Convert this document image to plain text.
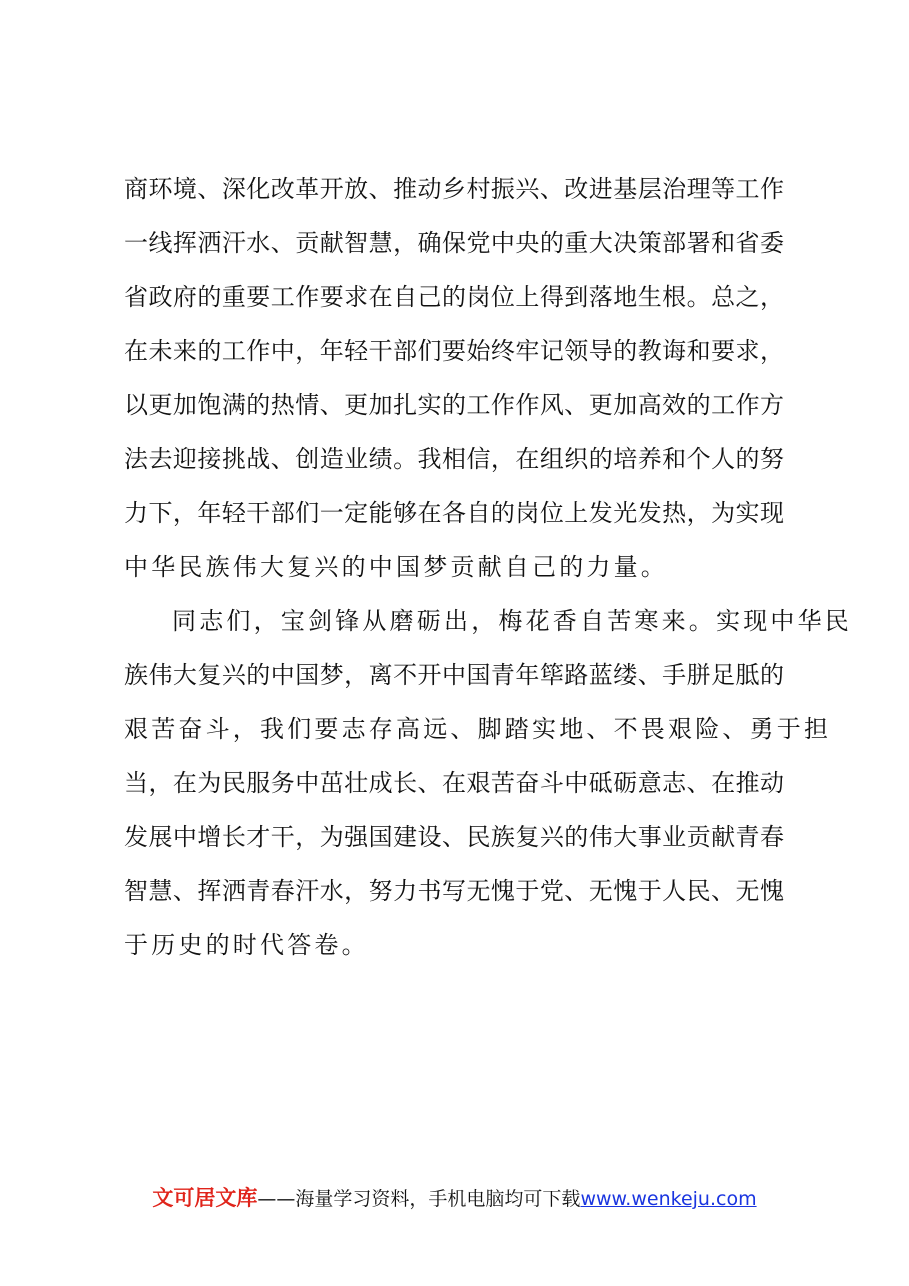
商环境、深化改革开放、推动乡村振兴、改进基层治理等工作
一线挥洒汗水、贡献智慧，确保党中央的重大决策部署和省委
省政府的重要工作要求在自己的岗位上得到落地生根。总之，
在未来的工作中，年轻干部们要始终牢记领导的教诲和要求，
以更加饱满的热情、更加扎实的工作作风、更加高效的工作方
法去迎接挑战、创造业绩。我相信，在组织的培养和个人的努
力下，年轻干部们一定能够在各自的岗位上发光发热，为实现
中华民族伟大复兴的中国梦贡献自己的力量。
同志们，宝剑锋从磨砺出，梅花香自苦寒来。实现中华民
族伟大复兴的中国梦，离不开中国青年筚路蓝缕、手胼足胝的
艰苦奋斗，我们要志存高远、脚踏实地、不畏艰险、勇于担
当，在为民服务中茁壮成长、在艰苦奋斗中砥砺意志、在推动
发展中增长才干，为强国建设、民族复兴的伟大事业贡献青春
智慧、挥洒青春汗水，努力书写无愧于党、无愧于人民、无愧
于历史的时代答卷。
文可居文库——海量学习资料，手机电脑均可下载www.wenkeju.com
